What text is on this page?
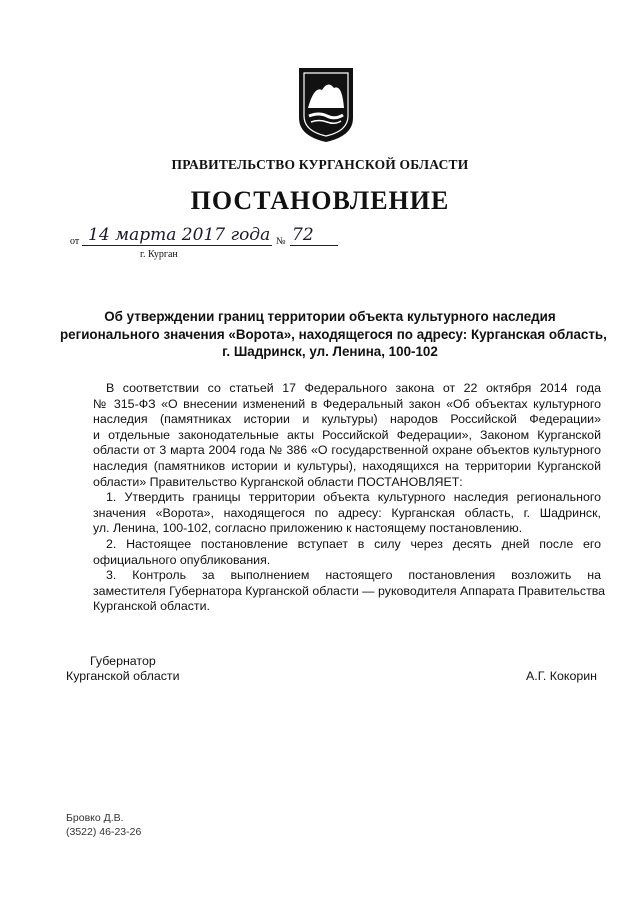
ПРАВИТЕЛЬСТВО КУРГАНСКОЙ ОБЛАСТИ
ПОСТАНОВЛЕНИЕ
от 14 марта 2017 года № 72
г. Курган
Об утверждении границ территории объекта культурного наследия
регионального значения «Ворота», находящегося по адресу: Курганская область,
г. Шадринск, ул. Ленина, 100-102
В соответствии со статьей 17 Федерального закона от 22 октября 2014 года
№ 315-ФЗ «О внесении изменений в Федеральный закон «Об объектах культурного
наследия (памятниках истории и культуры) народов Российской Федерации»
и отдельные законодательные акты Российской Федерации», Законом Курганской
области от 3 марта 2004 года № 386 «О государственной охране объектов культурного
наследия (памятников истории и культуры), находящихся на территории Курганской
области» Правительство Курганской области ПОСТАНОВЛЯЕТ:
1. Утвердить границы территории объекта культурного наследия регионального
значения «Ворота», находящегося по адресу: Курганская область, г. Шадринск,
ул. Ленина, 100-102, согласно приложению к настоящему постановлению.
2. Настоящее постановление вступает в силу через десять дней после его
официального опубликования.
3. Контроль за выполнением настоящего постановления возложить на
заместителя Губернатора Курганской области — руководителя Аппарата Правительства
Курганской области.
Губернатор
Курганской области	А.Г. Кокорин
Бровко Д.В.
(3522) 46-23-26
